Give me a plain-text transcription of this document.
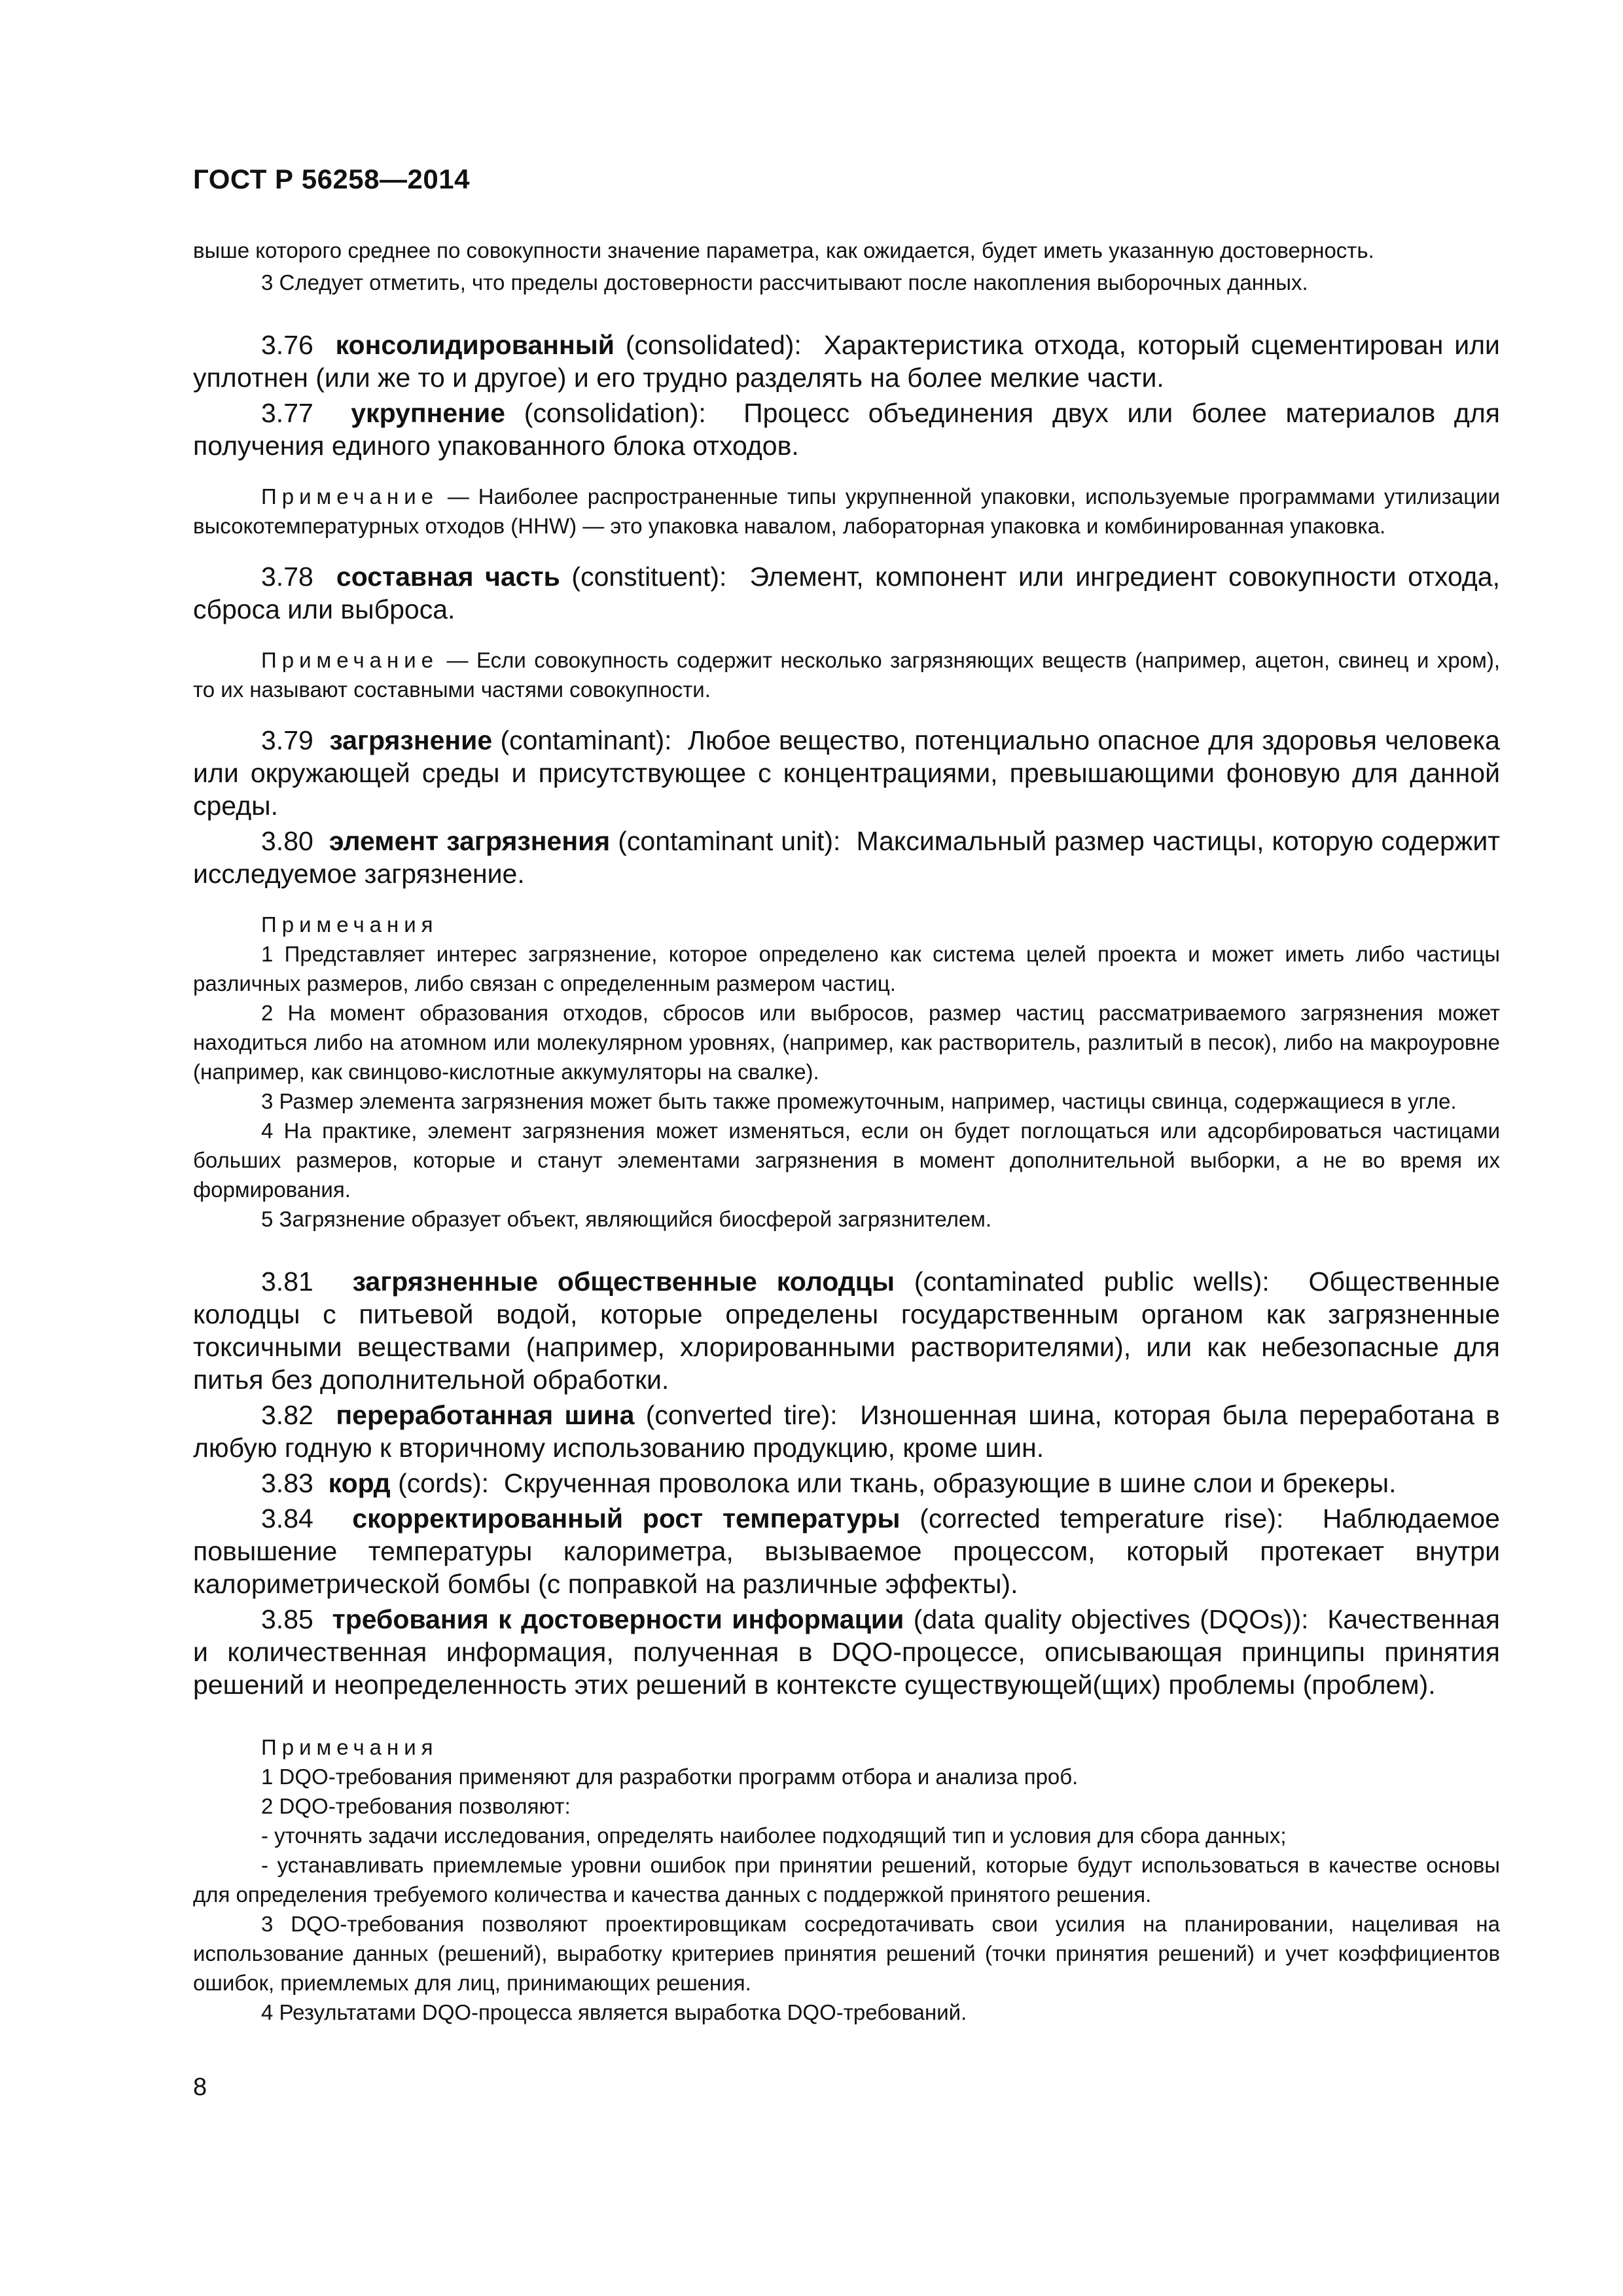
ГОСТ Р 56258—2014

выше которого среднее по совокупности значение параметра, как ожидается, будет иметь указанную достоверность.

3 Следует отметить, что пределы достоверности рассчитывают после накопления выборочных данных.

3.76 консолидированный (consolidated): Характеристика отхода, который сцементирован или уплотнен (или же то и другое) и его трудно разделять на более мелкие части.

3.77 укрупнение (consolidation): Процесс объединения двух или более материалов для получения единого упакованного блока отходов.

Примечание — Наиболее распространенные типы укрупненной упаковки, используемые программами утилизации высокотемпературных отходов (HHW) — это упаковка навалом, лабораторная упаковка и комбинированная упаковка.

3.78 составная часть (constituent): Элемент, компонент или ингредиент совокупности отхода, сброса или выброса.

Примечание — Если совокупность содержит несколько загрязняющих веществ (например, ацетон, свинец и хром), то их называют составными частями совокупности.

3.79 загрязнение (contaminant): Любое вещество, потенциально опасное для здоровья человека или окружающей среды и присутствующее с концентрациями, превышающими фоновую для данной среды.

3.80 элемент загрязнения (contaminant unit): Максимальный размер частицы, которую содержит исследуемое загрязнение.

Примечания

1 Представляет интерес загрязнение, которое определено как система целей проекта и может иметь либо частицы различных размеров, либо связан с определенным размером частиц.

2 На момент образования отходов, сбросов или выбросов, размер частиц рассматриваемого загрязнения может находиться либо на атомном или молекулярном уровнях, (например, как растворитель, разлитый в песок), либо на макроуровне (например, как свинцово-кислотные аккумуляторы на свалке).

3 Размер элемента загрязнения может быть также промежуточным, например, частицы свинца, содержащиеся в угле.

4 На практике, элемент загрязнения может изменяться, если он будет поглощаться или адсорбироваться частицами больших размеров, которые и станут элементами загрязнения в момент дополнительной выборки, а не во время их формирования.

5 Загрязнение образует объект, являющийся биосферой загрязнителем.

3.81 загрязненные общественные колодцы (contaminated public wells): Общественные колодцы с питьевой водой, которые определены государственным органом как загрязненные токсичными веществами (например, хлорированными растворителями), или как небезопасные для питья без дополнительной обработки.

3.82 переработанная шина (converted tire): Изношенная шина, которая была переработана в любую годную к вторичному использованию продукцию, кроме шин.

3.83 корд (cords): Скрученная проволока или ткань, образующие в шине слои и брекеры.

3.84 скорректированный рост температуры (corrected temperature rise): Наблюдаемое повышение температуры калориметра, вызываемое процессом, который протекает внутри калориметрической бомбы (с поправкой на различные эффекты).

3.85 требования к достоверности информации (data quality objectives (DQOs)): Качественная и количественная информация, полученная в DQO-процессе, описывающая принципы принятия решений и неопределенность этих решений в контексте существующей(щих) проблемы (проблем).

Примечания

1 DQO-требования применяют для разработки программ отбора и анализа проб.

2 DQO-требования позволяют:

- уточнять задачи исследования, определять наиболее подходящий тип и условия для сбора данных;

- устанавливать приемлемые уровни ошибок при принятии решений, которые будут использоваться в качестве основы для определения требуемого количества и качества данных с поддержкой принятого решения.

3 DQO-требования позволяют проектировщикам сосредотачивать свои усилия на планировании, нацеливая на использование данных (решений), выработку критериев принятия решений (точки принятия решений) и учет коэффициентов ошибок, приемлемых для лиц, принимающих решения.

4 Результатами DQO-процесса является выработка DQO-требований.

8
